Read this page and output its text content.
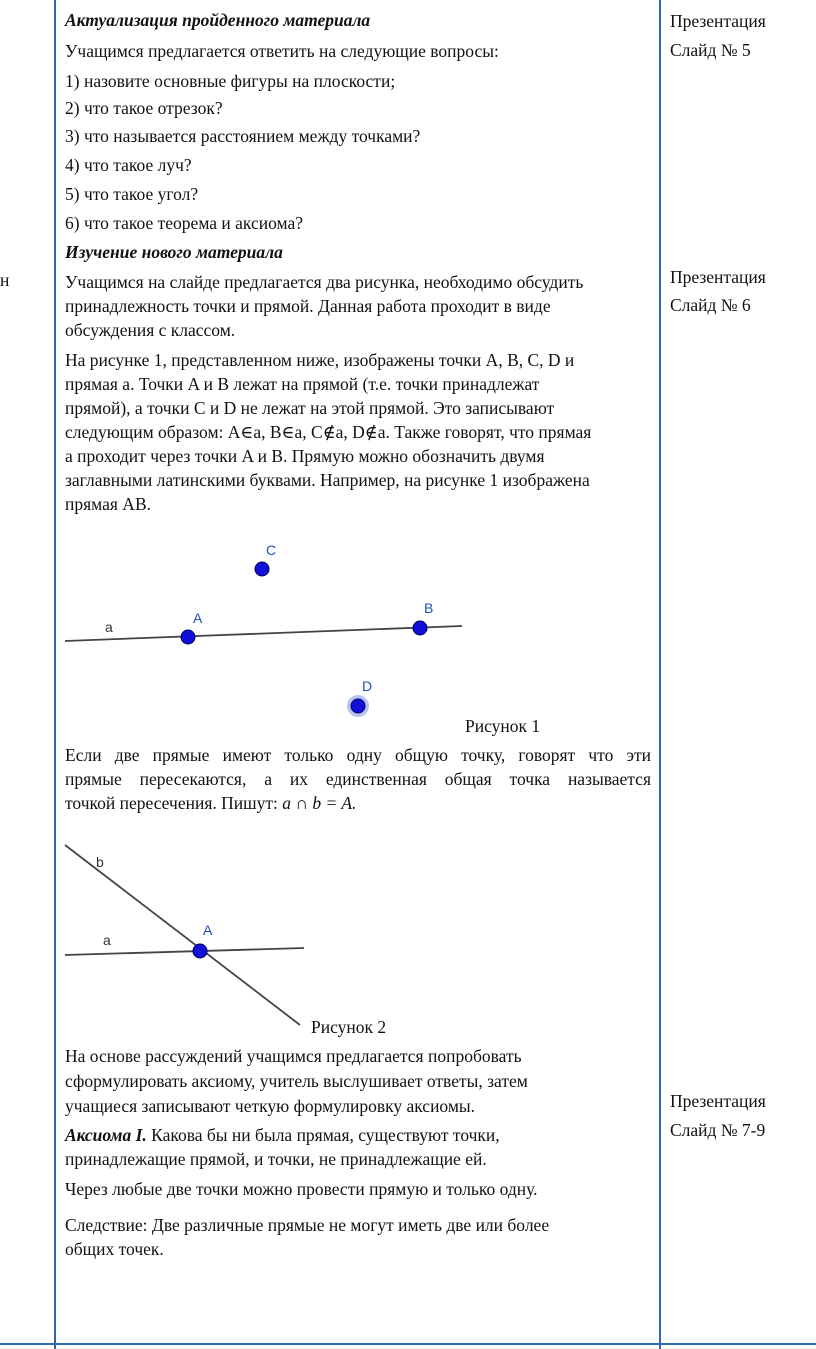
н
Актуализация пройденного материала
Учащимся предлагается ответить на следующие вопросы:
1) назовите основные фигуры на плоскости;
2) что такое отрезок?
3) что называется расстоянием между точками?
4) что такое луч?
5) что такое угол?
6) что такое теорема и аксиома?
Изучение нового материала
Учащимся на слайде предлагается два рисунка, необходимо обсудить
принадлежность точки и прямой. Данная работа проходит в виде
обсуждения с классом.
На рисунке 1, представленном ниже, изображены точки A, B, C, D и
прямая a. Точки A и B лежат на прямой (т.е. точки принадлежат
прямой), а точки C и D не лежат на этой прямой. Это записывают
следующим образом: A∈a, B∈a, C∉a, D∉a. Также говорят, что прямая
a проходит через точки A и B. Прямую можно обозначить двумя
заглавными латинскими буквами. Например, на рисунке 1 изображена
прямая AB.
a
C
A
B
D
Рисунок 1
Если две прямые имеют только одну общую точку, говорят что эти
прямые пересекаются, а их единственная общая точка называется
точкой пересечения. Пишут: a ∩ b = A.
a
b
A
Рисунок 2
На основе рассуждений учащимся предлагается попробовать
сформулировать аксиому, учитель выслушивает ответы, затем
учащиеся записывают четкую формулировку аксиомы.
Аксиома I. Какова бы ни была прямая, существуют точки,
принадлежащие прямой, и точки, не принадлежащие ей.
Через любые две точки можно провести прямую и только одну.
Следствие: Две различные прямые не могут иметь две или более
общих точек.
Презентация
Слайд № 5
Презентация
Слайд № 6
Презентация
Слайд № 7-9
